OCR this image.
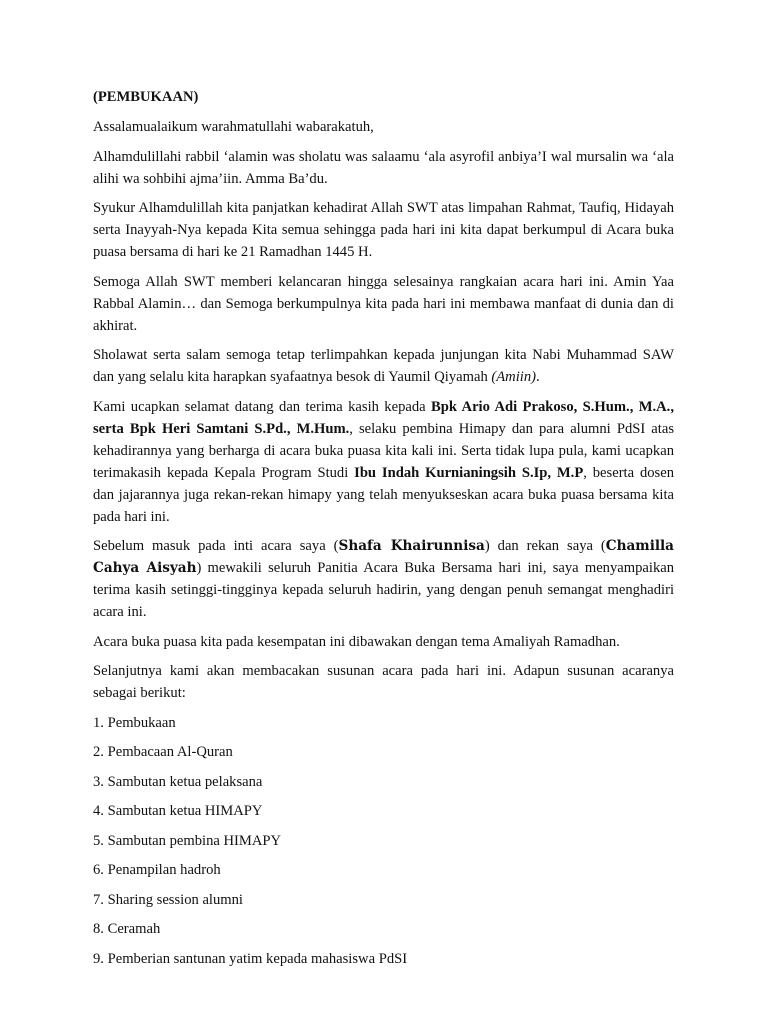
(PEMBUKAAN)

Assalamualaikum warahmatullahi wabarakatuh,

Alhamdulillahi rabbil ‘alamin was sholatu was salaamu ‘ala asyrofil anbiya’I wal mursalin wa ‘ala alihi wa sohbihi ajma’iin. Amma Ba’du.

Syukur Alhamdulillah kita panjatkan kehadirat Allah SWT atas limpahan Rahmat, Taufiq, Hidayah serta Inayyah-Nya kepada Kita semua sehingga pada hari ini kita dapat berkumpul di Acara buka puasa bersama di hari ke 21 Ramadhan 1445 H.

Semoga Allah SWT memberi kelancaran hingga selesainya rangkaian acara hari ini. Amin Yaa Rabbal Alamin… dan Semoga berkumpulnya kita pada hari ini membawa manfaat di dunia dan di akhirat.

Sholawat serta salam semoga tetap terlimpahkan kepada junjungan kita Nabi Muhammad SAW dan yang selalu kita harapkan syafaatnya besok di Yaumil Qiyamah (Amiin).

Kami ucapkan selamat datang dan terima kasih kepada Bpk Ario Adi Prakoso, S.Hum., M.A., serta Bpk Heri Samtani S.Pd., M.Hum., selaku pembina Himapy dan para alumni PdSI atas kehadirannya yang berharga di acara buka puasa kita kali ini. Serta tidak lupa pula, kami ucapkan terimakasih kepada Kepala Program Studi Ibu Indah Kurnianingsih S.Ip, M.P, beserta dosen dan jajarannya juga rekan-rekan himapy yang telah menyukseskan acara buka puasa bersama kita pada hari ini.

Sebelum masuk pada inti acara saya (Shafa Khairunnisa) dan rekan saya (Chamilla Cahya Aisyah) mewakili seluruh Panitia Acara Buka Bersama hari ini, saya menyampaikan terima kasih setinggi-tingginya kepada seluruh hadirin, yang dengan penuh semangat menghadiri acara ini.

Acara buka puasa kita pada kesempatan ini dibawakan dengan tema Amaliyah Ramadhan.

Selanjutnya kami akan membacakan susunan acara pada hari ini. Adapun susunan acaranya sebagai berikut:

1. Pembukaan
2. Pembacaan Al-Quran
3. Sambutan ketua pelaksana
4. Sambutan ketua HIMAPY
5. Sambutan pembina HIMAPY
6. Penampilan hadroh
7. Sharing session alumni
8. Ceramah
9. Pemberian santunan yatim kepada mahasiswa PdSI
